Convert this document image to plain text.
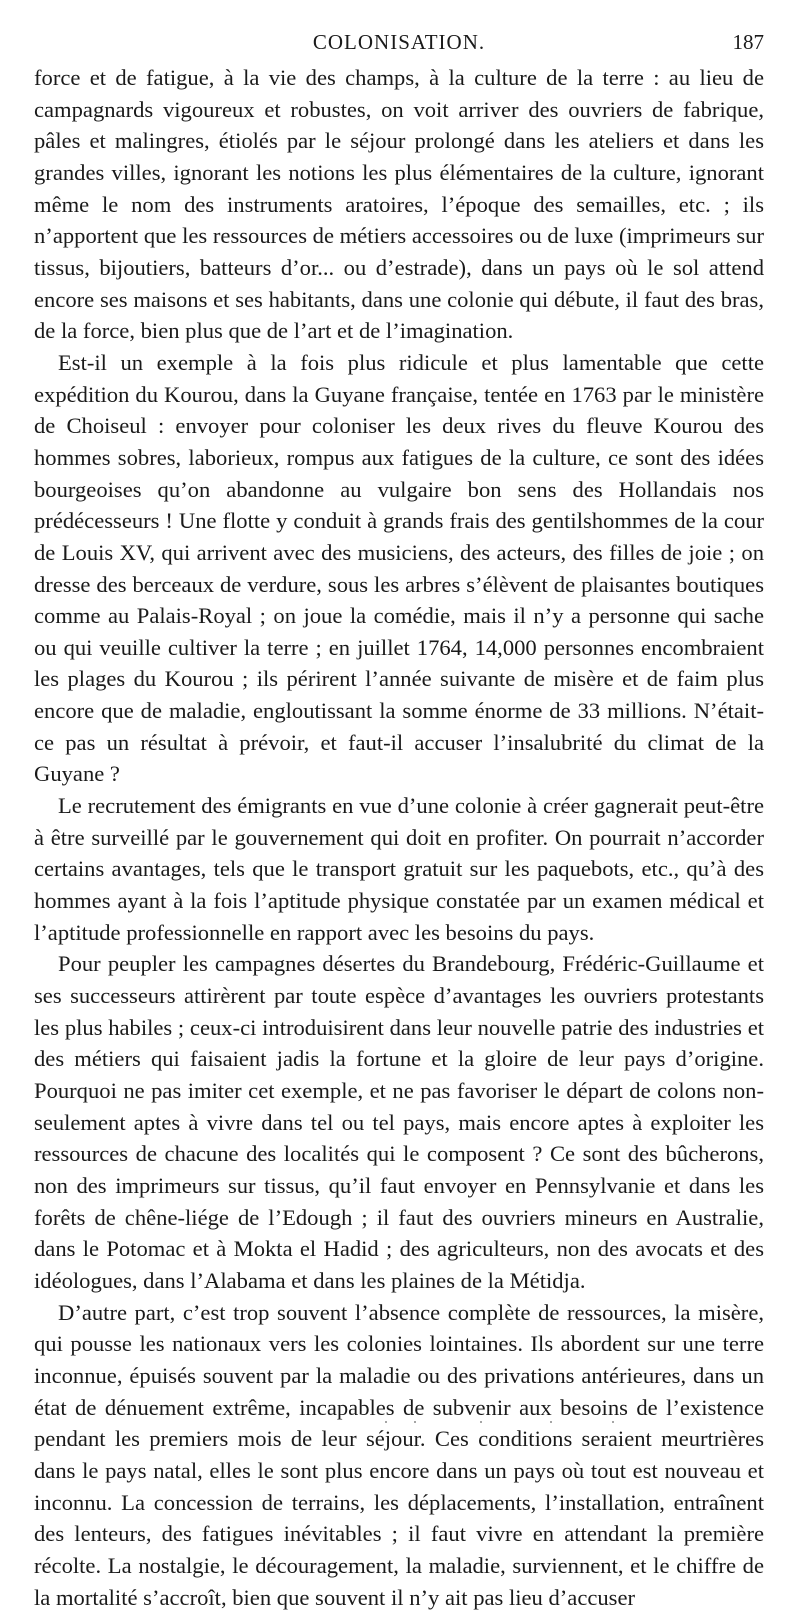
COLONISATION.	187

force et de fatigue, à la vie des champs, à la culture de la terre : au lieu de campagnards vigoureux et robustes, on voit arriver des ouvriers de fabrique, pâles et malingres, étiolés par le séjour prolongé dans les ateliers et dans les grandes villes, ignorant les notions les plus élémentaires de la culture, ignorant même le nom des instruments aratoires, l’époque des semailles, etc. ; ils n’apportent que les ressources de métiers accessoires ou de luxe (imprimeurs sur tissus, bijoutiers, batteurs d’or... ou d’estrade), dans un pays où le sol attend encore ses maisons et ses habitants, dans une colonie qui débute, il faut des bras, de la force, bien plus que de l’art et de l’imagination.

Est-il un exemple à la fois plus ridicule et plus lamentable que cette expédition du Kourou, dans la Guyane française, tentée en 1763 par le ministère de Choiseul : envoyer pour coloniser les deux rives du fleuve Kourou des hommes sobres, laborieux, rompus aux fatigues de la culture, ce sont des idées bourgeoises qu’on abandonne au vulgaire bon sens des Hollandais nos prédécesseurs ! Une flotte y conduit à grands frais des gentilshommes de la cour de Louis XV, qui arrivent avec des musiciens, des acteurs, des filles de joie ; on dresse des berceaux de verdure, sous les arbres s’élèvent de plaisantes boutiques comme au Palais-Royal ; on joue la comédie, mais il n’y a personne qui sache ou qui veuille cultiver la terre ; en juillet 1764, 14,000 personnes encombraient les plages du Kourou ; ils périrent l’année suivante de misère et de faim plus encore que de maladie, engloutissant la somme énorme de 33 millions. N’était-ce pas un résultat à prévoir, et faut-il accuser l’insalubrité du climat de la Guyane ?

Le recrutement des émigrants en vue d’une colonie à créer gagnerait peut-être à être surveillé par le gouvernement qui doit en profiter. On pourrait n’accorder certains avantages, tels que le transport gratuit sur les paquebots, etc., qu’à des hommes ayant à la fois l’aptitude physique constatée par un examen médical et l’aptitude professionnelle en rapport avec les besoins du pays.

Pour peupler les campagnes désertes du Brandebourg, Frédéric-Guillaume et ses successeurs attirèrent par toute espèce d’avantages les ouvriers protestants les plus habiles ; ceux-ci introduisirent dans leur nouvelle patrie des industries et des métiers qui faisaient jadis la fortune et la gloire de leur pays d’origine. Pourquoi ne pas imiter cet exemple, et ne pas favoriser le départ de colons non-seulement aptes à vivre dans tel ou tel pays, mais encore aptes à exploiter les ressources de chacune des localités qui le composent ? Ce sont des bûcherons, non des imprimeurs sur tissus, qu’il faut envoyer en Pennsylvanie et dans les forêts de chêne-liége de l’Edough ; il faut des ouvriers mineurs en Australie, dans le Potomac et à Mokta el Hadid ; des agriculteurs, non des avocats et des idéologues, dans l’Alabama et dans les plaines de la Métidja.

D’autre part, c’est trop souvent l’absence complète de ressources, la misère, qui pousse les nationaux vers les colonies lointaines. Ils abordent sur une terre inconnue, épuisés souvent par la maladie ou des privations antérieures, dans un état de dénuement extrême, incapables de subvenir aux besoins de l’existence pendant les premiers mois de leur séjour. Ces conditions seraient meurtrières dans le pays natal, elles le sont plus encore dans un pays où tout est nouveau et inconnu. La concession de terrains, les déplacements, l’installation, entraînent des lenteurs, des fatigues inévitables ; il faut vivre en attendant la première récolte. La nostalgie, le découragement, la maladie, surviennent, et le chiffre de la mortalité s’accroît, bien que souvent il n’y ait pas lieu d’accuser
